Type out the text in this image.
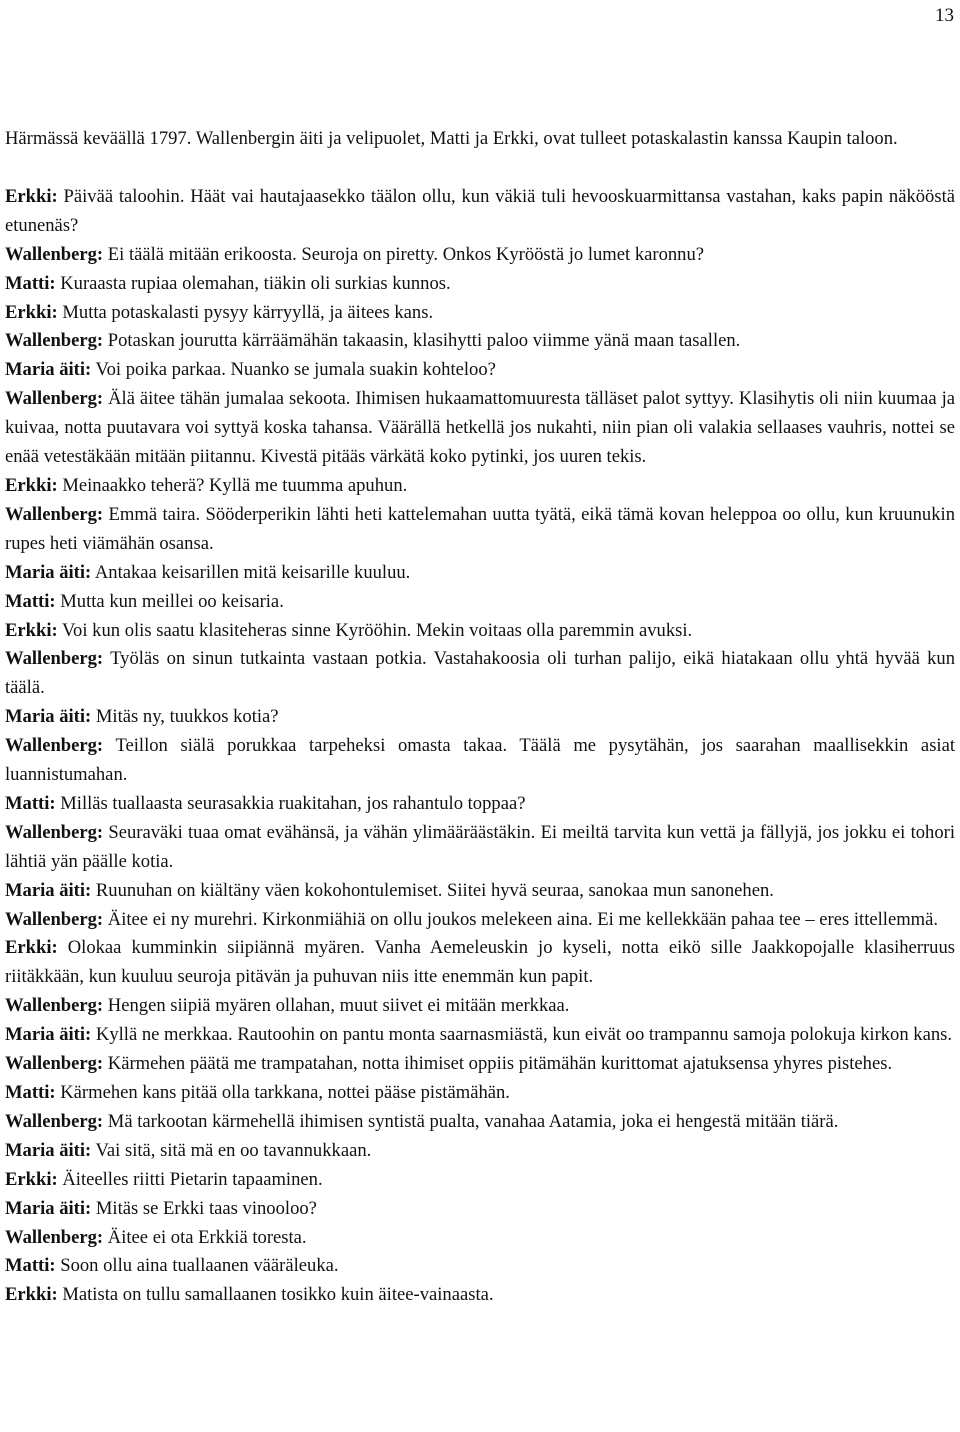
13

Härmässä keväällä 1797. Wallenbergin äiti ja velipuolet, Matti ja Erkki, ovat tulleet potaskalastin kanssa Kaupin taloon.

Erkki: Päivää taloohin. Häät vai hautajaasekko täälon ollu, kun väkiä tuli hevooskuarmittansa vastahan, kaks papin näkööstä etunenäs?

Wallenberg: Ei täälä mitään erikoosta. Seuroja on piretty. Onkos Kyrööstä jo lumet karonnu?

Matti: Kuraasta rupiaa olemahan, tiäkin oli surkias kunnos.

Erkki: Mutta potaskalasti pysyy kärryyllä, ja äitees kans.

Wallenberg: Potaskan jourutta kärräämähän takaasin, klasihytti paloo viimme yänä maan tasallen.

Maria äiti: Voi poika parkaa. Nuanko se jumala suakin kohteloo?

Wallenberg: Älä äitee tähän jumalaa sekoota. Ihimisen hukaamattomuuresta tälläset palot syttyy. Klasihytis oli niin kuumaa ja kuivaa, notta puutavara voi syttyä koska tahansa. Väärällä hetkellä jos nukahti, niin pian oli valakia sellaases vauhris, nottei se enää vetestäkään mitään piitannu. Kivestä pitääs värkätä koko pytinki, jos uuren tekis.

Erkki: Meinaakko teherä? Kyllä me tuumma apuhun.

Wallenberg: Emmä taira. Sööderperikin lähti heti kattelemahan uutta tyätä, eikä tämä kovan heleppoa oo ollu, kun kruunukin rupes heti viämähän osansa.

Maria äiti: Antakaa keisarillen mitä keisarille kuuluu.

Matti: Mutta kun meillei oo keisaria.

Erkki: Voi kun olis saatu klasiteheras sinne Kyrööhin. Mekin voitaas olla paremmin avuksi.

Wallenberg: Työläs on sinun tutkainta vastaan potkia. Vastahakoosia oli turhan palijo, eikä hiatakaan ollu yhtä hyvää kun täälä.

Maria äiti: Mitäs ny, tuukkos kotia?

Wallenberg: Teillon siälä porukkaa tarpeheksi omasta takaa. Täälä me pysytähän, jos saarahan maallisekkin asiat luannistumahan.

Matti: Milläs tuallaasta seurasakkia ruakitahan, jos rahantulo toppaa?

Wallenberg: Seuraväki tuaa omat evähänsä, ja vähän ylimääräästäkin. Ei meiltä tarvita kun vettä ja fällyjä, jos jokku ei tohori lähtiä yän päälle kotia.

Maria äiti: Ruunuhan on kiältäny väen kokohontulemiset. Siitei hyvä seuraa, sanokaa mun sanonehen.

Wallenberg: Äitee ei ny murehri. Kirkonmiähiä on ollu joukos melekeen aina. Ei me kellekkään pahaa tee – eres ittellemmä.

Erkki: Olokaa kumminkin siipiännä myären. Vanha Aemeleuskin jo kyseli, notta eikö sille Jaakkopojalle klasiherruus riitäkkään, kun kuuluu seuroja pitävän ja puhuvan niis itte enemmän kun papit.

Wallenberg: Hengen siipiä myären ollahan, muut siivet ei mitään merkkaa.

Maria äiti: Kyllä ne merkkaa. Rautoohin on pantu monta saarnasmiästä, kun eivät oo trampannu samoja polokuja kirkon kans.

Wallenberg: Kärmehen päätä me trampatahan, notta ihimiset oppiis pitämähän kurittomat ajatuksensa yhyres pistehes.

Matti: Kärmehen kans pitää olla tarkkana, nottei pääse pistämähän.

Wallenberg: Mä tarkootan kärmehellä ihimisen syntistä pualta, vanahaa Aatamia, joka ei hengestä mitään tiärä.

Maria äiti: Vai sitä, sitä mä en oo tavannukkaan.

Erkki: Äiteelles riitti Pietarin tapaaminen.

Maria äiti: Mitäs se Erkki taas vinooloo?

Wallenberg: Äitee ei ota Erkkiä toresta.

Matti: Soon ollu aina tuallaanen vääräleuka.

Erkki: Matista on tullu samallaanen tosikko kuin äitee-vainaasta.
